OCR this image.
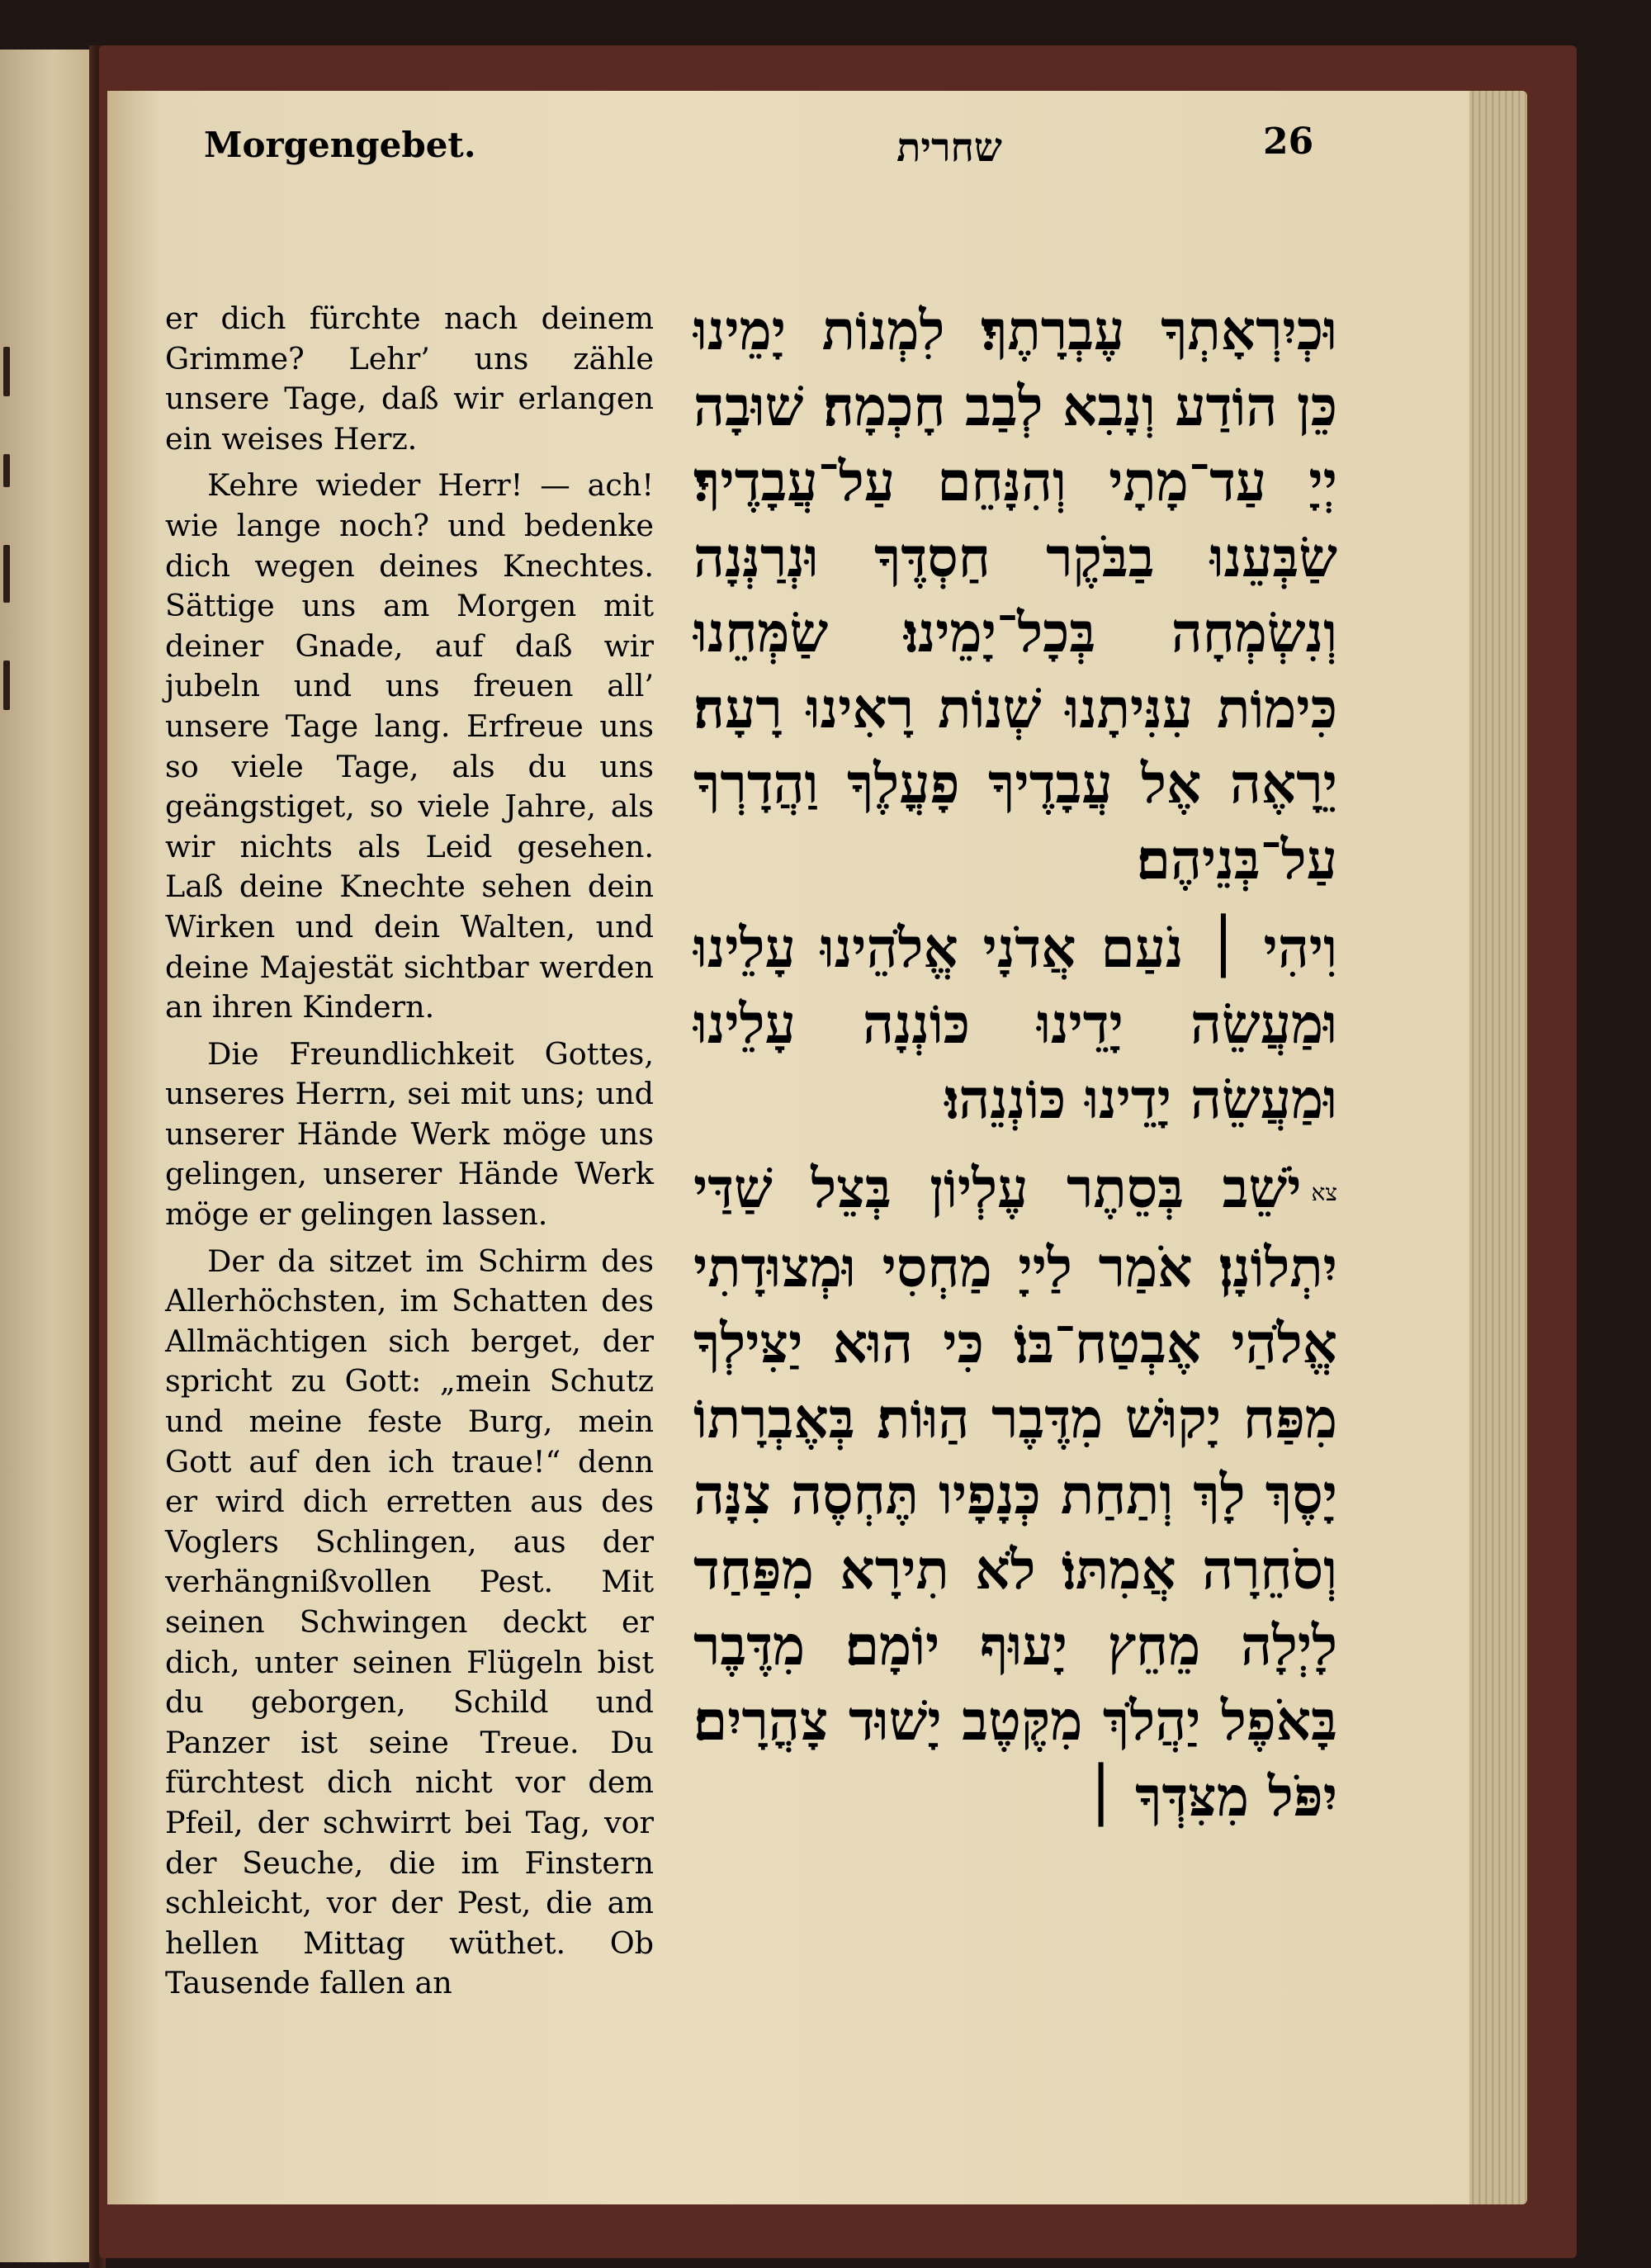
Morgengebet.	שחרית	26

er dich fürchte nach deinem Grimme? Lehr’ uns zähle unsere Tage, daß wir erlangen ein weises Herz.

Kehre wieder Herr! — ach! wie lange noch? und bedenke dich wegen deines Knechtes. Sättige uns am Morgen mit deiner Gnade, auf daß wir jubeln und uns freuen all’ unsere Tage lang. Erfreue uns so viele Tage, als du uns geängstiget, so viele Jahre, als wir nichts als Leid gesehen. Laß deine Knechte sehen dein Wirken und dein Walten, und deine Majestät sichtbar werden an ihren Kindern.

Die Freundlichkeit Gottes, unseres Herrn, sei mit uns; und unserer Hände Werk möge uns gelingen, unserer Hände Werk möge er gelingen lassen.

Der da sitzet im Schirm des Allerhöchsten, im Schatten des Allmächtigen sich berget, der spricht zu Gott: „mein Schutz und meine feste Burg, mein Gott auf den ich traue!“ denn er wird dich erretten aus des Voglers Schlingen, aus der verhängnißvollen Pest. Mit seinen Schwingen deckt er dich, unter seinen Flügeln bist du geborgen, Schild und Panzer ist seine Treue. Du fürchtest dich nicht vor dem Pfeil, der schwirrt bei Tag, vor der Seuche, die im Finstern schleicht, vor der Pest, die am hellen Mittag wüthet. Ob Tausende fallen an

וּכְיִרְאָתְךָ עֶבְרָתֶךָ׃ לִמְנוֹת יָמֵינוּ כֵּן הוֹדַע וְנָבִא לְבַב חָכְמָה׃ שׁוּבָה יְיָ עַד־מָתָי וְהִנָּחֵם עַל־עֲבָדֶיךָ׃ שַׂבְּעֵנוּ בַבֹּקֶר חַסְדֶּךָ וּנְרַנְּנָה וְנִשְׂמְחָה בְּכָל־יָמֵינוּ׃ שַׂמְּחֵנוּ כִּימוֹת עִנִּיתָנוּ שְׁנוֹת רָאִינוּ רָעָה׃ יֵרָאֶה אֶל עֲבָדֶיךָ פָעֳלֶךָ וַהֲדָרְךָ עַל־בְּנֵיהֶם׃

וִיהִי ׀ נֹעַם אֲדֹנָי אֱלֹהֵינוּ עָלֵינוּ וּמַעֲשֵׂה יָדֵינוּ כּוֹנְנָה עָלֵינוּ וּמַעֲשֵׂה יָדֵינוּ כּוֹנְנֵהוּ׃

צאיֹשֵׁב בְּסֵתֶר עֶלְיוֹן בְּצֵל שַׁדַּי יִתְלוֹנָן׃ אֹמַר לַייָ מַחְסִי וּמְצוּדָתִי אֱלֹהַי אֶבְטַח־בּוֹ׃ כִּי הוּא יַצִּילְךָ מִפַּח יָקוּשׁ מִדֶּבֶר הַוּוֹת׃ בְּאֶבְרָתוֹ יָסֶךְ לָךְ וְתַחַת כְּנָפָיו תֶּחְסֶה צִנָּה וְסֹחֵרָה אֲמִתּוֹ׃ לֹא תִירָא מִפַּחַד לָיְלָה מֵחֵץ יָעוּף יוֹמָם׃ מִדֶּבֶר בָּאֹפֶל יַהֲלֹךְ מִקֶּטֶב יָשׁוּד צָהֳרָיִם׃ יִפֹּל מִצִּדְּךָ ׀
